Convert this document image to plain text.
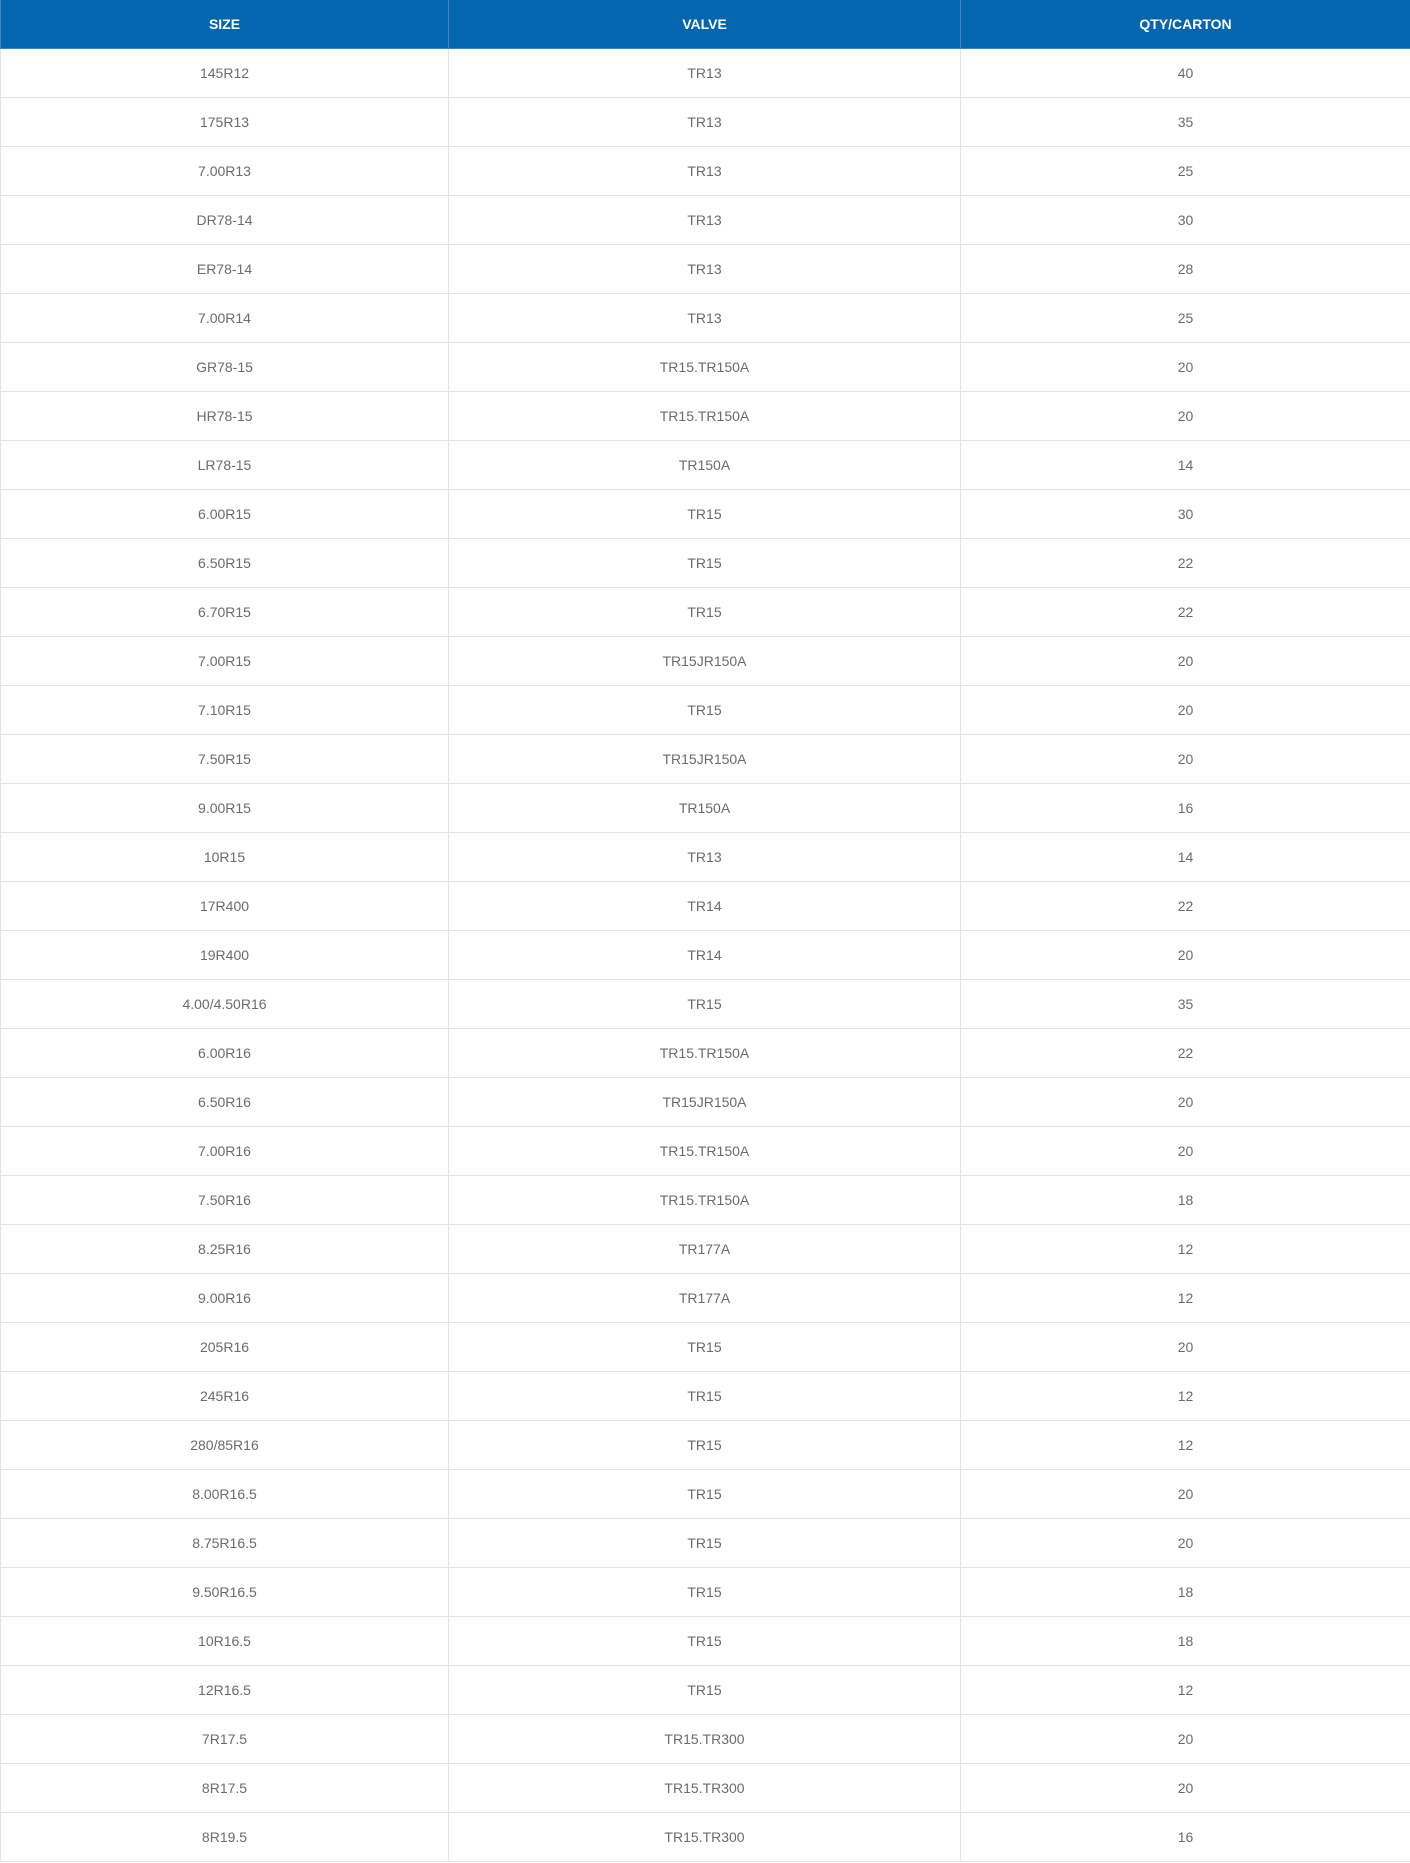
SIZE	VALVE	QTY/CARTON
145R12	TR13	40
175R13	TR13	35
7.00R13	TR13	25
DR78-14	TR13	30
ER78-14	TR13	28
7.00R14	TR13	25
GR78-15	TR15.TR150A	20
HR78-15	TR15.TR150A	20
LR78-15	TR150A	14
6.00R15	TR15	30
6.50R15	TR15	22
6.70R15	TR15	22
7.00R15	TR15JR150A	20
7.10R15	TR15	20
7.50R15	TR15JR150A	20
9.00R15	TR150A	16
10R15	TR13	14
17R400	TR14	22
19R400	TR14	20
4.00/4.50R16	TR15	35
6.00R16	TR15.TR150A	22
6.50R16	TR15JR150A	20
7.00R16	TR15.TR150A	20
7.50R16	TR15.TR150A	18
8.25R16	TR177A	12
9.00R16	TR177A	12
205R16	TR15	20
245R16	TR15	12
280/85R16	TR15	12
8.00R16.5	TR15	20
8.75R16.5	TR15	20
9.50R16.5	TR15	18
10R16.5	TR15	18
12R16.5	TR15	12
7R17.5	TR15.TR300	20
8R17.5	TR15.TR300	20
8R19.5	TR15.TR300	16
